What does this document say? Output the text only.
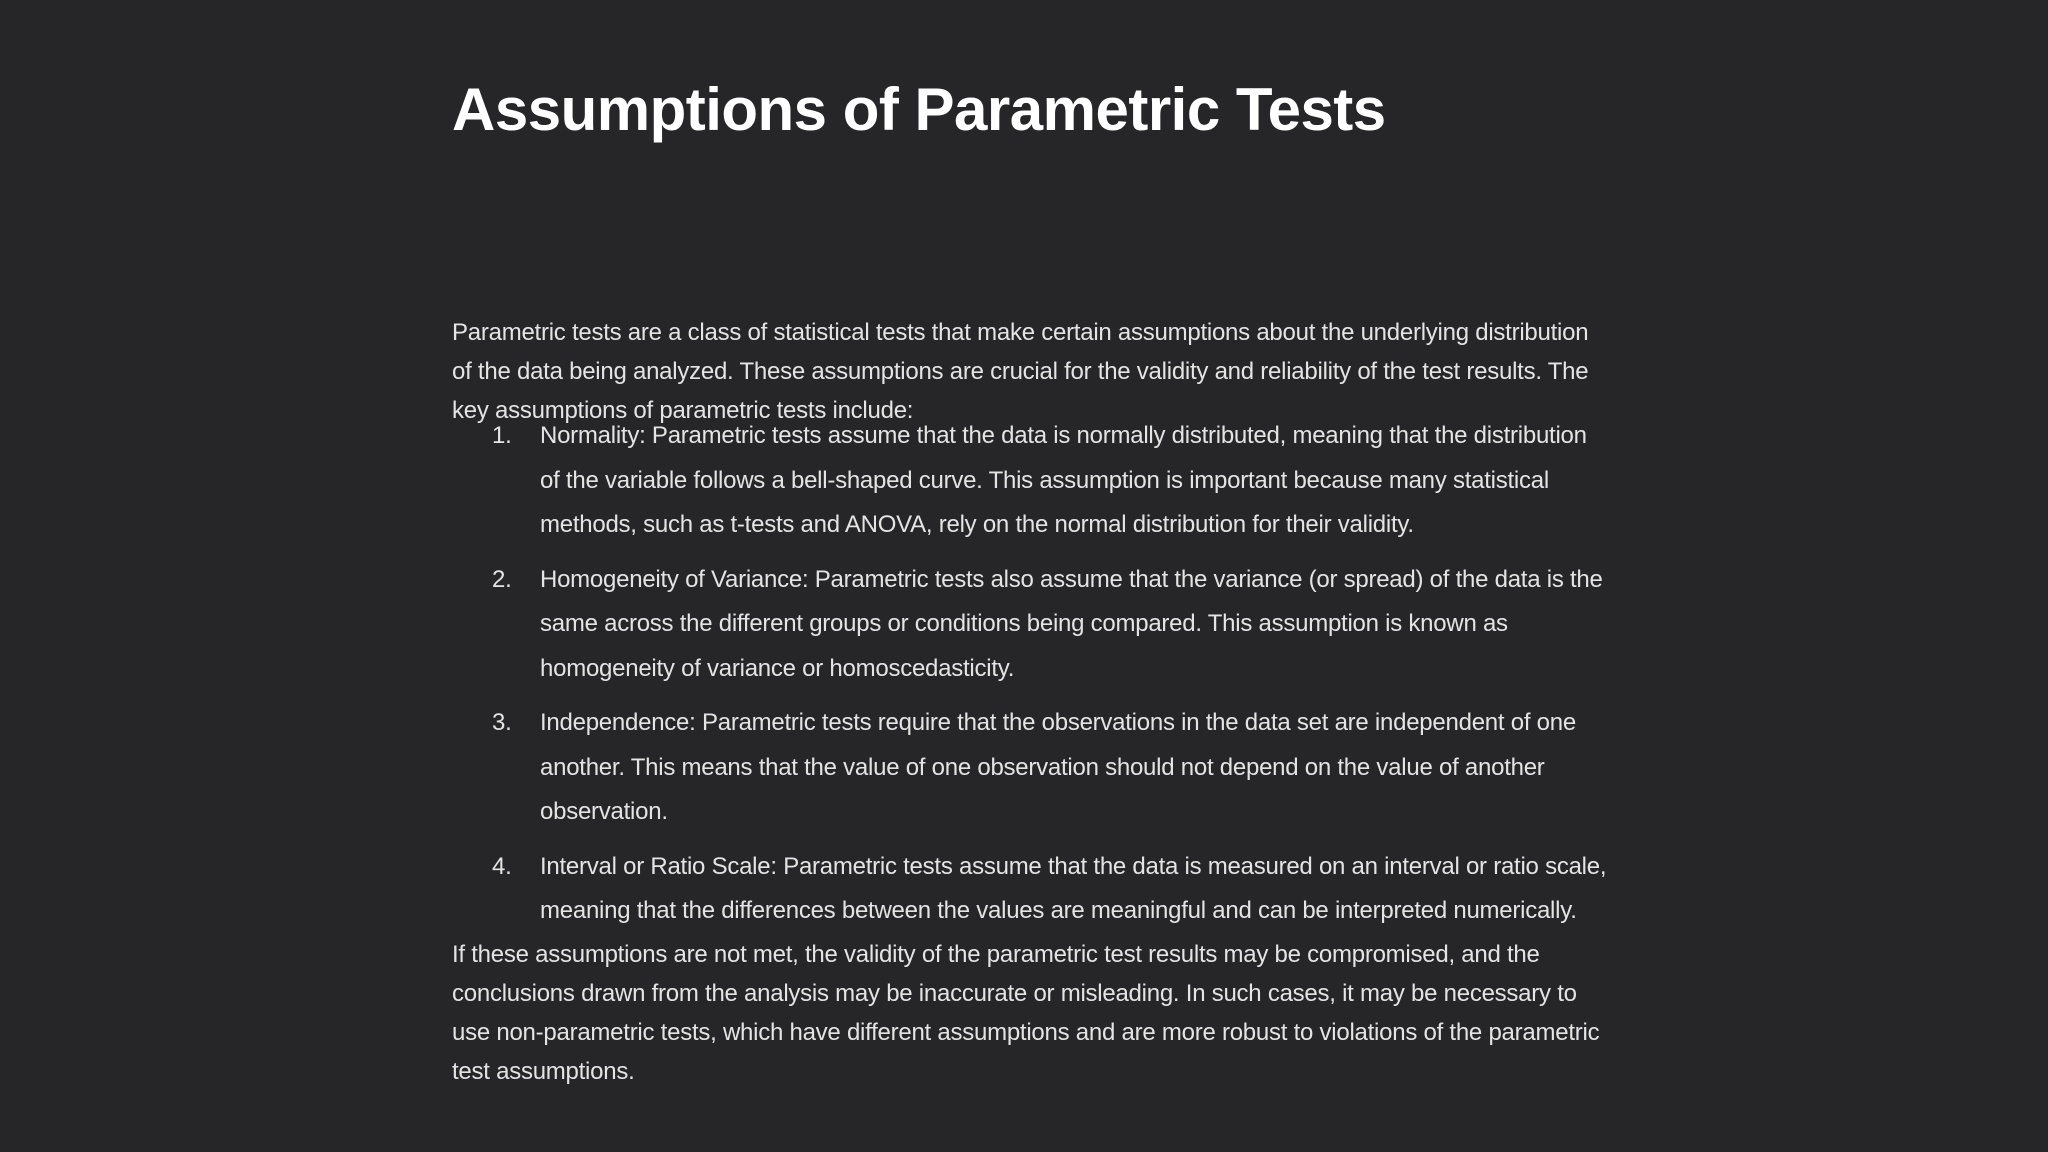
Assumptions of Parametric Tests

Parametric tests are a class of statistical tests that make certain assumptions about the underlying distribution of the data being analyzed. These assumptions are crucial for the validity and reliability of the test results. The key assumptions of parametric tests include:

1.	Normality: Parametric tests assume that the data is normally distributed, meaning that the distribution of the variable follows a bell-shaped curve. This assumption is important because many statistical methods, such as t-tests and ANOVA, rely on the normal distribution for their validity.
2.	Homogeneity of Variance: Parametric tests also assume that the variance (or spread) of the data is the same across the different groups or conditions being compared. This assumption is known as homogeneity of variance or homoscedasticity.
3.	Independence: Parametric tests require that the observations in the data set are independent of one another. This means that the value of one observation should not depend on the value of another observation.
4.	Interval or Ratio Scale: Parametric tests assume that the data is measured on an interval or ratio scale, meaning that the differences between the values are meaningful and can be interpreted numerically.

If these assumptions are not met, the validity of the parametric test results may be compromised, and the conclusions drawn from the analysis may be inaccurate or misleading. In such cases, it may be necessary to use non-parametric tests, which have different assumptions and are more robust to violations of the parametric test assumptions.
